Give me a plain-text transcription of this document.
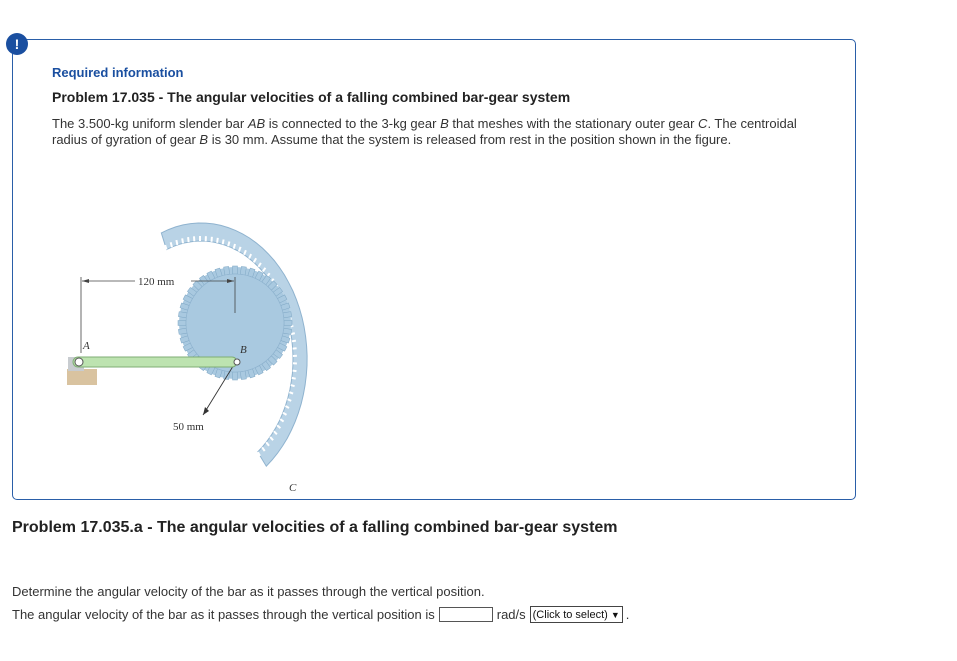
!
Required information
Problem 17.035 - The angular velocities of a falling combined bar-gear system
The 3.500-kg uniform slender bar AB is connected to the 3-kg gear B that meshes with the stationary outer gear C. The centroidal radius of gyration of gear B is 30 mm. Assume that the system is released from rest in the position shown in the figure.
120 mm
50 mm
A	B
C
Problem 17.035.a - The angular velocities of a falling combined bar-gear system
Determine the angular velocity of the bar as it passes through the vertical position.
The angular velocity of the bar as it passes through the vertical position is	rad/s (Click to select) ▼ .
